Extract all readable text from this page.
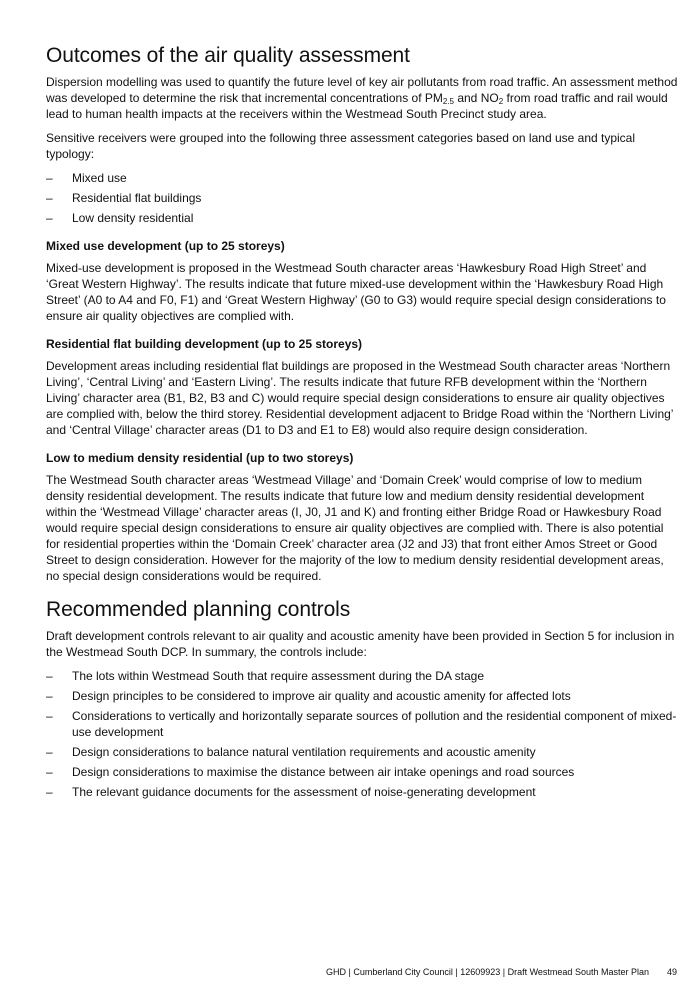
Outcomes of the air quality assessment

Dispersion modelling was used to quantify the future level of key air pollutants from road traffic. An assessment method was developed to determine the risk that incremental concentrations of $PM_{2.5}$ and $NO_2$ from road traffic and rail would lead to human health impacts at the receivers within the Westmead South Precinct study area.

Sensitive receivers were grouped into the following three assessment categories based on land use and typical typology:

– Mixed use
– Residential flat buildings
– Low density residential
Mixed use development (up to 25 storeys)

Mixed-use development is proposed in the Westmead South character areas ‘Hawkesbury Road High Street’ and ‘Great Western Highway’. The results indicate that future mixed-use development within the ‘Hawkesbury Road High Street’ (A0 to A4 and F0, F1) and ‘Great Western Highway’ (G0 to G3) would require special design considerations to ensure air quality objectives are complied with.

Residential flat building development (up to 25 storeys)

Development areas including residential flat buildings are proposed in the Westmead South character areas ‘Northern Living’, ‘Central Living’ and ‘Eastern Living’. The results indicate that future RFB development within the ‘Northern Living’ character area (B1, B2, B3 and C) would require special design considerations to ensure air quality objectives are complied with, below the third storey. Residential development adjacent to Bridge Road within the ‘Northern Living’ and ‘Central Village’ character areas (D1 to D3 and E1 to E8) would also require design consideration.

Low to medium density residential (up to two storeys)

The Westmead South character areas ‘Westmead Village’ and ‘Domain Creek’ would comprise of low to medium density residential development. The results indicate that future low and medium density residential development within the ‘Westmead Village’ character areas (I, J0, J1 and K) and fronting either Bridge Road or Hawkesbury Road would require special design considerations to ensure air quality objectives are complied with. There is also potential for residential properties within the ‘Domain Creek’ character area (J2 and J3) that front either Amos Street or Good Street to design consideration. However for the majority of the low to medium density residential development areas, no special design considerations would be required.

Recommended planning controls

Draft development controls relevant to air quality and acoustic amenity have been provided in Section 5 for inclusion in the Westmead South DCP. In summary, the controls include:

– The lots within Westmead South that require assessment during the DA stage
– Design principles to be considered to improve air quality and acoustic amenity for affected lots
– Considerations to vertically and horizontally separate sources of pollution and the residential component of mixed-use development
– Design considerations to balance natural ventilation requirements and acoustic amenity
– Design considerations to maximise the distance between air intake openings and road sources
– The relevant guidance documents for the assessment of noise-generating development
GHD | Cumberland City Council | 12609923 | Draft Westmead South Master Plan 49
